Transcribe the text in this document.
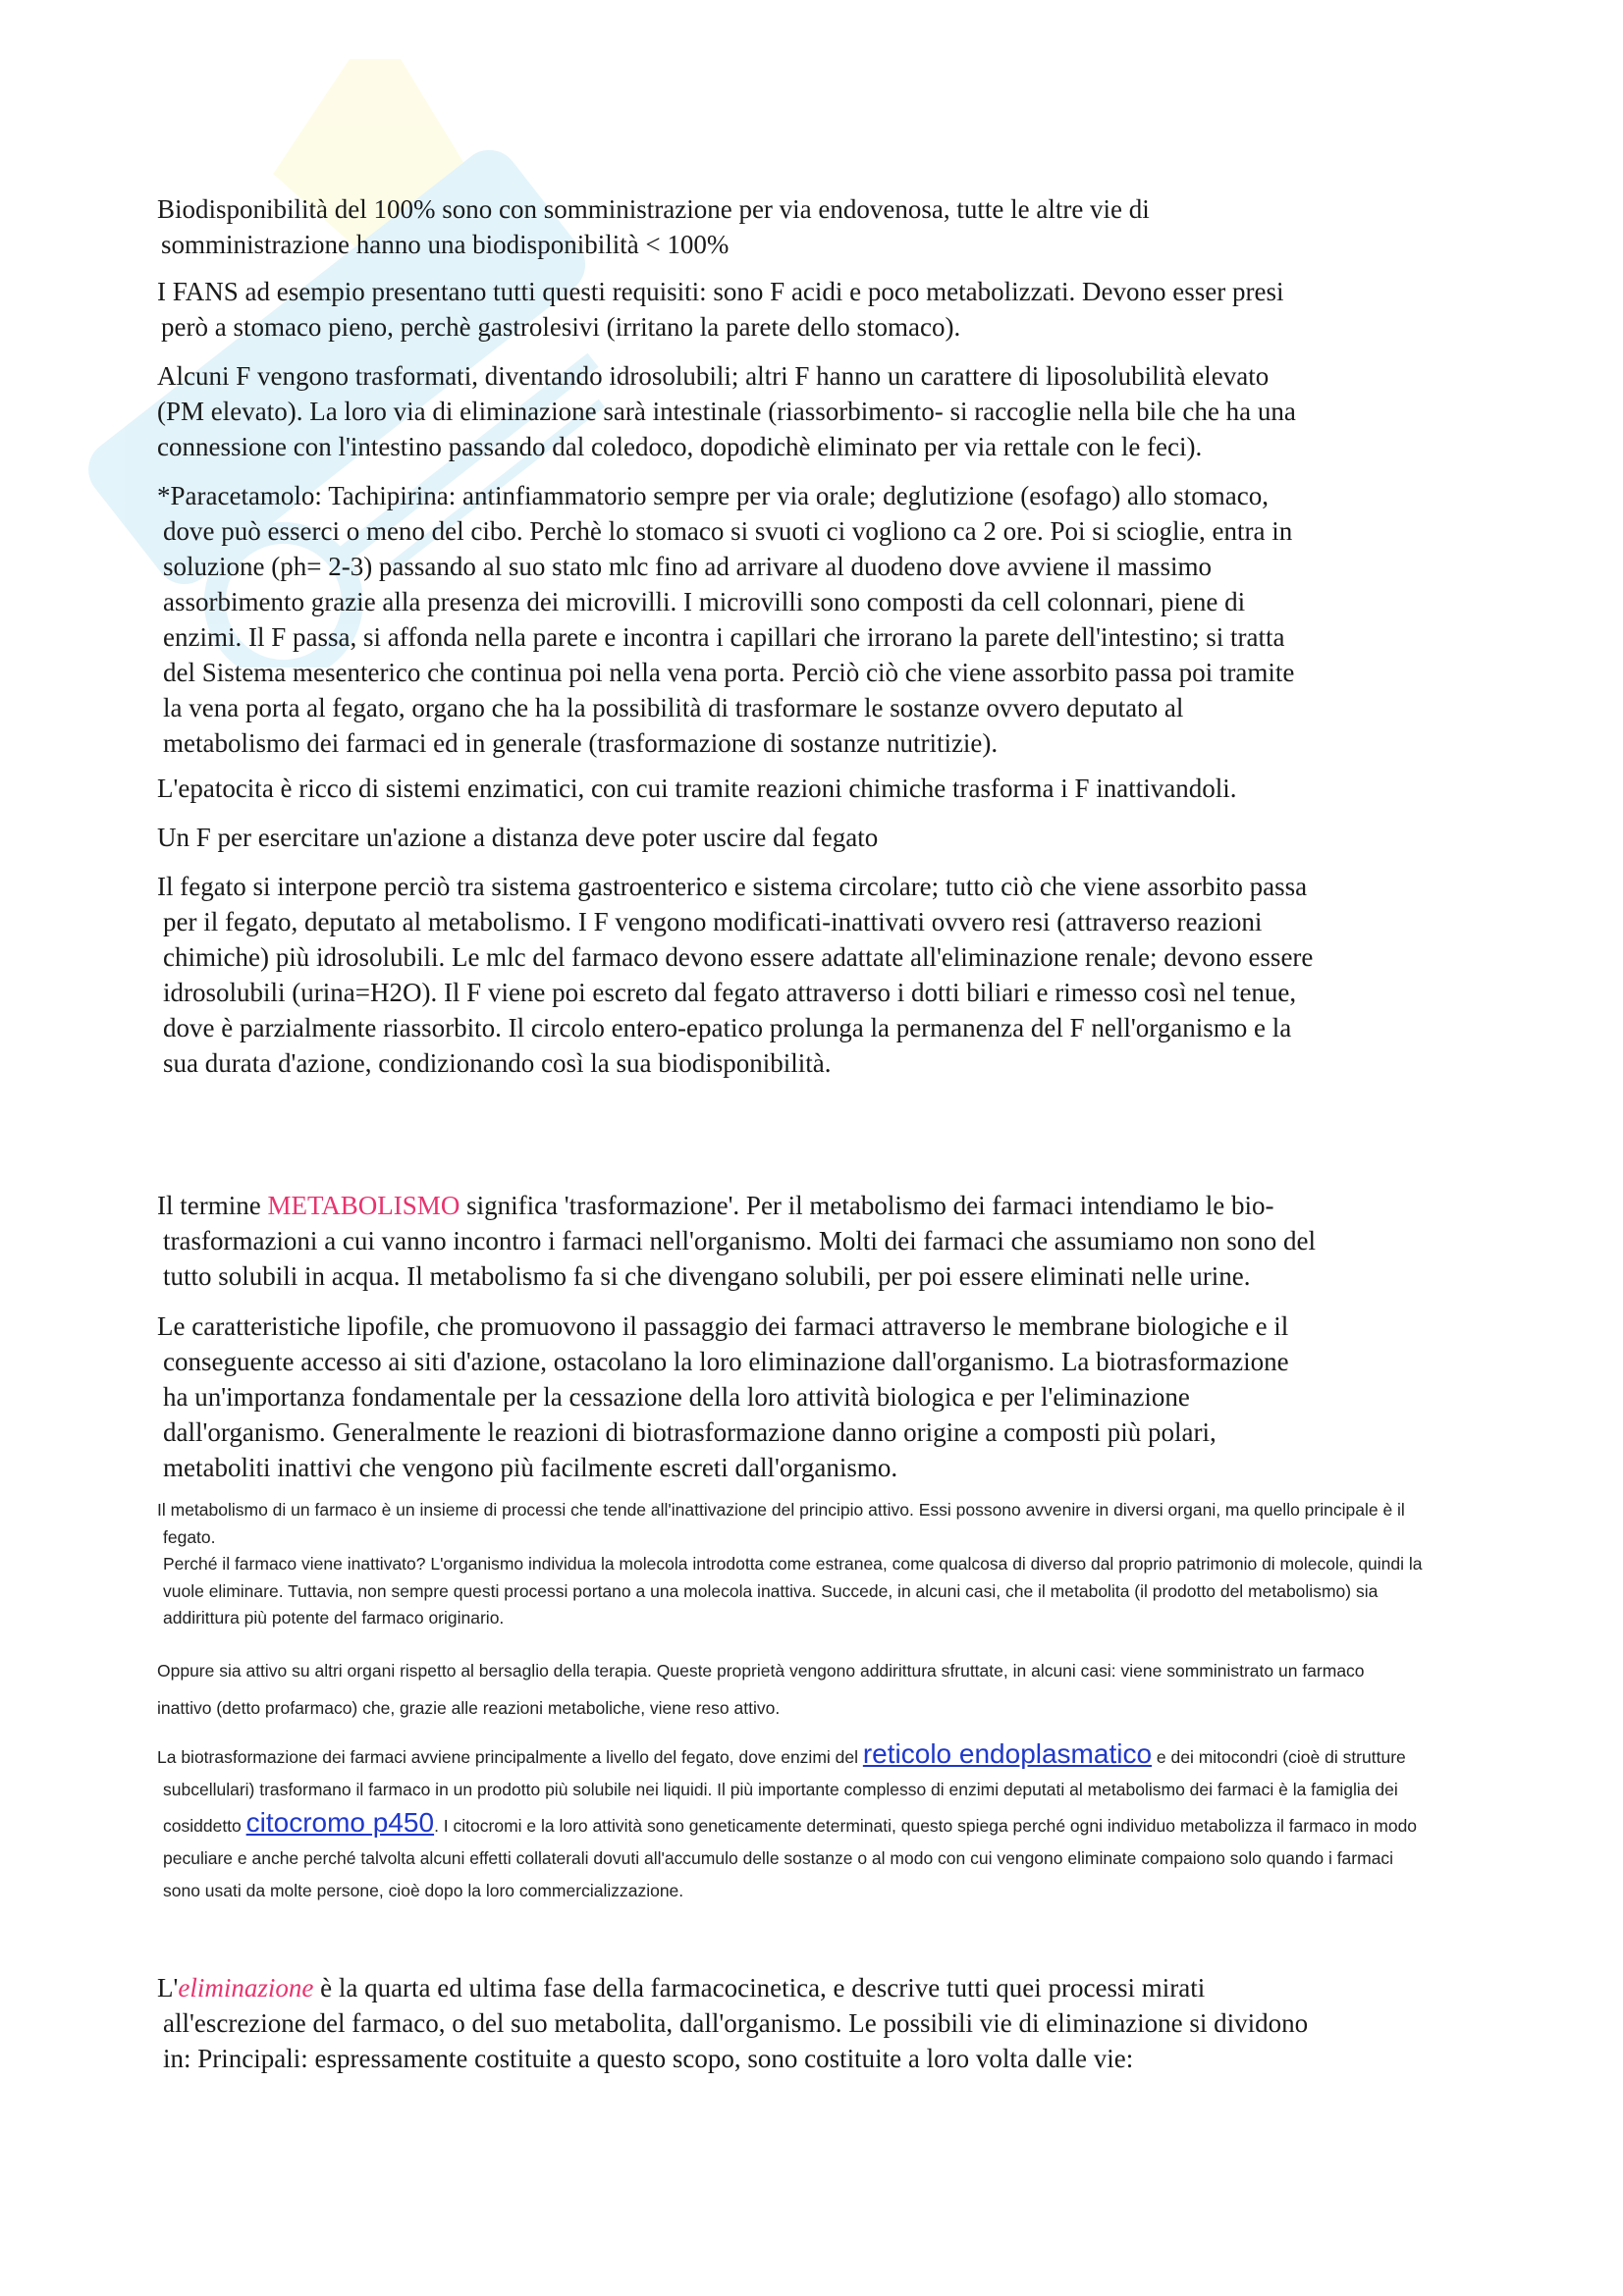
Biodisponibilità del 100% sono con somministrazione per via endovenosa, tutte le altre vie di
somministrazione hanno una biodisponibilità < 100%

I FANS ad esempio presentano tutti questi requisiti: sono F acidi e poco metabolizzati. Devono esser presi
però a stomaco pieno, perchè gastrolesivi (irritano la parete dello stomaco).

Alcuni F vengono trasformati, diventando idrosolubili; altri F hanno un carattere di liposolubilità elevato
(PM elevato). La loro via di eliminazione sarà intestinale (riassorbimento- si raccoglie nella bile che ha una
connessione con l'intestino passando dal coledoco, dopodichè eliminato per via rettale con le feci).

*Paracetamolo: Tachipirina: antinfiammatorio sempre per via orale; deglutizione (esofago) allo stomaco,
dove può esserci o meno del cibo. Perchè lo stomaco si svuoti ci vogliono ca 2 ore. Poi si scioglie, entra in
soluzione (ph= 2-3) passando al suo stato mlc fino ad arrivare al duodeno dove avviene il massimo
assorbimento grazie alla presenza dei microvilli. I microvilli sono composti da cell colonnari, piene di
enzimi. Il F passa, si affonda nella parete e incontra i capillari che irrorano la parete dell'intestino; si tratta
del Sistema mesenterico che continua poi nella vena porta. Perciò ciò che viene assorbito passa poi tramite
la vena porta al fegato, organo che ha la possibilità di trasformare le sostanze ovvero deputato al
metabolismo dei farmaci ed in generale (trasformazione di sostanze nutritizie).

L'epatocita è ricco di sistemi enzimatici, con cui tramite reazioni chimiche trasforma i F inattivandoli.

Un F per esercitare un'azione a distanza deve poter uscire dal fegato

Il fegato si interpone perciò tra sistema gastroenterico e sistema circolare; tutto ciò che viene assorbito passa
per il fegato, deputato al metabolismo. I F vengono modificati-inattivati ovvero resi (attraverso reazioni
chimiche) più idrosolubili. Le mlc del farmaco devono essere adattate all'eliminazione renale; devono essere
idrosolubili (urina=H2O). Il F viene poi escreto dal fegato attraverso i dotti biliari e rimesso così nel tenue,
dove è parzialmente riassorbito. Il circolo entero-epatico prolunga la permanenza del F nell'organismo e la
sua durata d'azione, condizionando così la sua biodisponibilità.

Il termine METABOLISMO significa 'trasformazione'. Per il metabolismo dei farmaci intendiamo le bio-
trasformazioni a cui vanno incontro i farmaci nell'organismo. Molti dei farmaci che assumiamo non sono del
tutto solubili in acqua. Il metabolismo fa si che divengano solubili, per poi essere eliminati nelle urine.

Le caratteristiche lipofile, che promuovono il passaggio dei farmaci attraverso le membrane biologiche e il
conseguente accesso ai siti d'azione, ostacolano la loro eliminazione dall'organismo. La biotrasformazione
ha un'importanza fondamentale per la cessazione della loro attività biologica e per l'eliminazione
dall'organismo. Generalmente le reazioni di biotrasformazione danno origine a composti più polari,
metaboliti inattivi che vengono più facilmente escreti dall'organismo.

Il metabolismo di un farmaco è un insieme di processi che tende all'inattivazione del principio attivo. Essi possono avvenire in diversi organi, ma quello principale è il
fegato.
Perché il farmaco viene inattivato? L'organismo individua la molecola introdotta come estranea, come qualcosa di diverso dal proprio patrimonio di molecole, quindi la
vuole eliminare. Tuttavia, non sempre questi processi portano a una molecola inattiva. Succede, in alcuni casi, che il metabolita (il prodotto del metabolismo) sia
addirittura più potente del farmaco originario.

Oppure sia attivo su altri organi rispetto al bersaglio della terapia. Queste proprietà vengono addirittura sfruttate, in alcuni casi: viene somministrato un farmaco
inattivo (detto profarmaco) che, grazie alle reazioni metaboliche, viene reso attivo.

La biotrasformazione dei farmaci avviene principalmente a livello del fegato, dove enzimi del reticolo endoplasmatico e dei mitocondri (cioè di strutture
subcellulari) trasformano il farmaco in un prodotto più solubile nei liquidi. Il più importante complesso di enzimi deputati al metabolismo dei farmaci è la famiglia dei
cosiddetto citocromo p450. I citocromi e la loro attività sono geneticamente determinati, questo spiega perché ogni individuo metabolizza il farmaco in modo
peculiare e anche perché talvolta alcuni effetti collaterali dovuti all'accumulo delle sostanze o al modo con cui vengono eliminate compaiono solo quando i farmaci
sono usati da molte persone, cioè dopo la loro commercializzazione.

L'eliminazione è la quarta ed ultima fase della farmacocinetica, e descrive tutti quei processi mirati
all'escrezione del farmaco, o del suo metabolita, dall'organismo. Le possibili vie di eliminazione si dividono
in: Principali: espressamente costituite a questo scopo, sono costituite a loro volta dalle vie:
